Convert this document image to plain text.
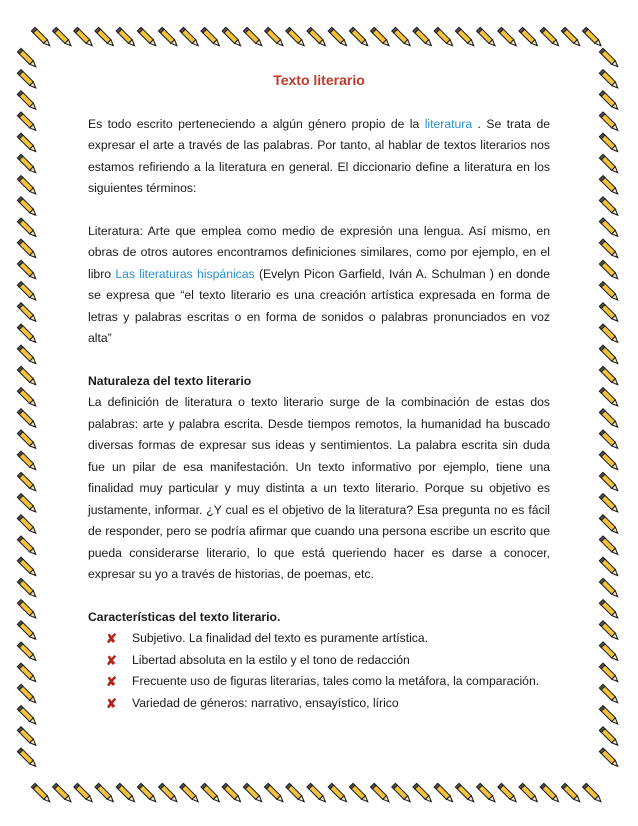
Texto literario

Es todo escrito perteneciendo a algún género propio de la literatura . Se trata de expresar el arte a través de las palabras. Por tanto, al hablar de textos literarios nos estamos refiriendo a la literatura en general. El diccionario define a literatura en los siguientes términos:

Literatura: Arte que emplea como medio de expresión una lengua. Así mismo, en obras de otros autores encontramos definiciones similares, como por ejemplo, en el libro Las literaturas hispánicas (Evelyn Picon Garfield, Iván A. Schulman ) en donde se expresa que “el texto literario es una creación artística expresada en forma de letras y palabras escritas o en forma de sonidos o palabras pronunciados en voz alta”

Naturaleza del texto literario

La definición de literatura o texto literario surge de la combinación de estas dos palabras: arte y palabra escrita. Desde tiempos remotos, la humanidad ha buscado diversas formas de expresar sus ideas y sentimientos. La palabra escrita sin duda fue un pilar de esa manifestación. Un texto informativo por ejemplo, tiene una finalidad muy particular y muy distinta a un texto literario. Porque su objetivo es justamente, informar. ¿Y cual es el objetivo de la literatura? Esa pregunta no es fácil de responder, pero se podría afirmar que cuando una persona escribe un escrito que pueda considerarse literario, lo que está queriendo hacer es darse a conocer, expresar su yo a través de historias, de poemas, etc.

Características del texto literario.
✘ Subjetivo. La finalidad del texto es puramente artística.
✘ Libertad absoluta en la estilo y el tono de redacción
✘ Frecuente uso de figuras literarias, tales como la metáfora, la comparación.
✘ Variedad de géneros: narrativo, ensayístico, lírico
